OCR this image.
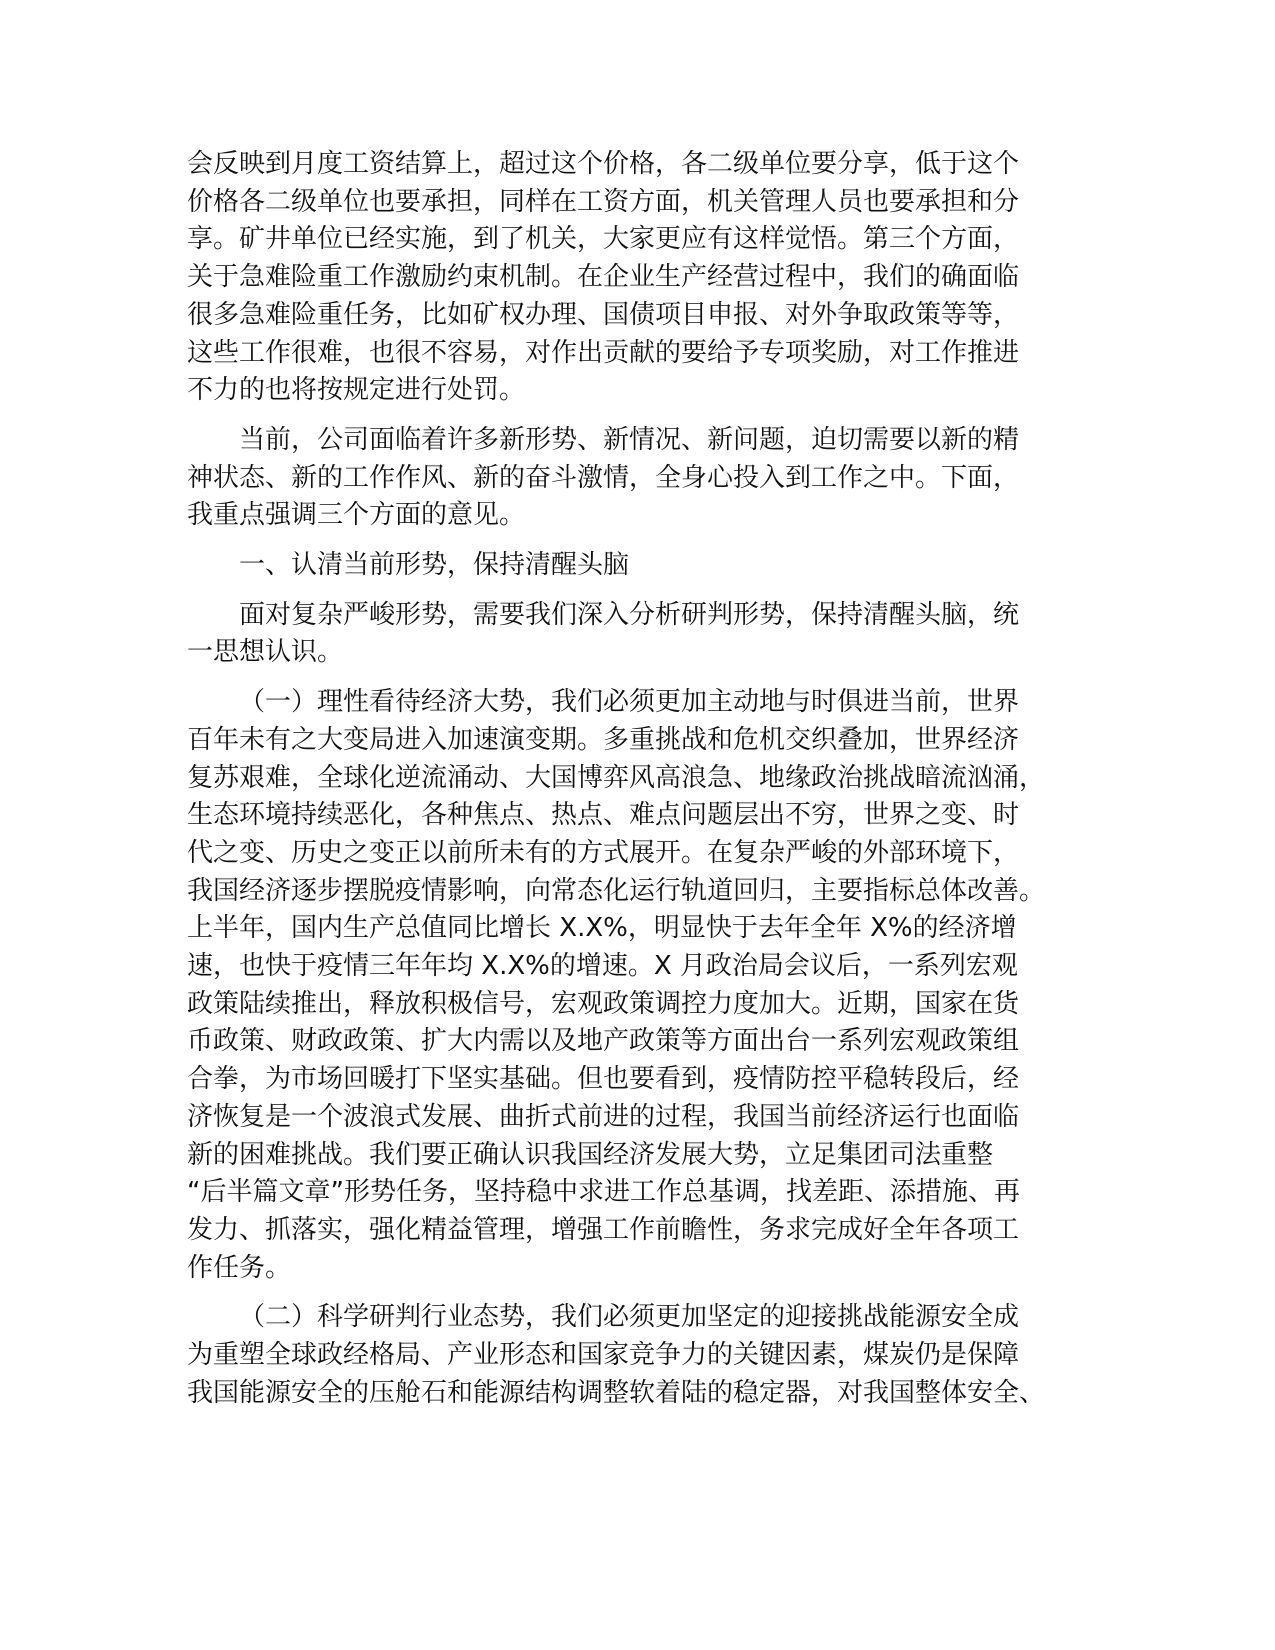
会反映到月度工资结算上，超过这个价格，各二级单位要分享，低于这个
价格各二级单位也要承担，同样在工资方面，机关管理人员也要承担和分
享。矿井单位已经实施，到了机关，大家更应有这样觉悟。第三个方面，
关于急难险重工作激励约束机制。在企业生产经营过程中，我们的确面临
很多急难险重任务，比如矿权办理、国债项目申报、对外争取政策等等，
这些工作很难，也很不容易，对作出贡献的要给予专项奖励，对工作推进
不力的也将按规定进行处罚。

当前，公司面临着许多新形势、新情况、新问题，迫切需要以新的精
神状态、新的工作作风、新的奋斗激情，全身心投入到工作之中。下面，
我重点强调三个方面的意见。

一、认清当前形势，保持清醒头脑

面对复杂严峻形势，需要我们深入分析研判形势，保持清醒头脑，统
一思想认识。

（一）理性看待经济大势，我们必须更加主动地与时俱进当前，世界
百年未有之大变局进入加速演变期。多重挑战和危机交织叠加，世界经济
复苏艰难，全球化逆流涌动、大国博弈风高浪急、地缘政治挑战暗流汹涌，
生态环境持续恶化，各种焦点、热点、难点问题层出不穷，世界之变、时
代之变、历史之变正以前所未有的方式展开。在复杂严峻的外部环境下，
我国经济逐步摆脱疫情影响，向常态化运行轨道回归，主要指标总体改善。
上半年，国内生产总值同比增长 X.X%，明显快于去年全年 X%的经济增
速，也快于疫情三年年均 X.X%的增速。X 月政治局会议后，一系列宏观
政策陆续推出，释放积极信号，宏观政策调控力度加大。近期，国家在货
币政策、财政政策、扩大内需以及地产政策等方面出台一系列宏观政策组
合拳，为市场回暖打下坚实基础。但也要看到，疫情防控平稳转段后，经
济恢复是一个波浪式发展、曲折式前进的过程，我国当前经济运行也面临
新的困难挑战。我们要正确认识我国经济发展大势，立足集团司法重整
“后半篇文章”形势任务，坚持稳中求进工作总基调，找差距、添措施、再
发力、抓落实，强化精益管理，增强工作前瞻性，务求完成好全年各项工
作任务。

（二）科学研判行业态势，我们必须更加坚定的迎接挑战能源安全成
为重塑全球政经格局、产业形态和国家竞争力的关键因素，煤炭仍是保障
我国能源安全的压舱石和能源结构调整软着陆的稳定器，对我国整体安全、
